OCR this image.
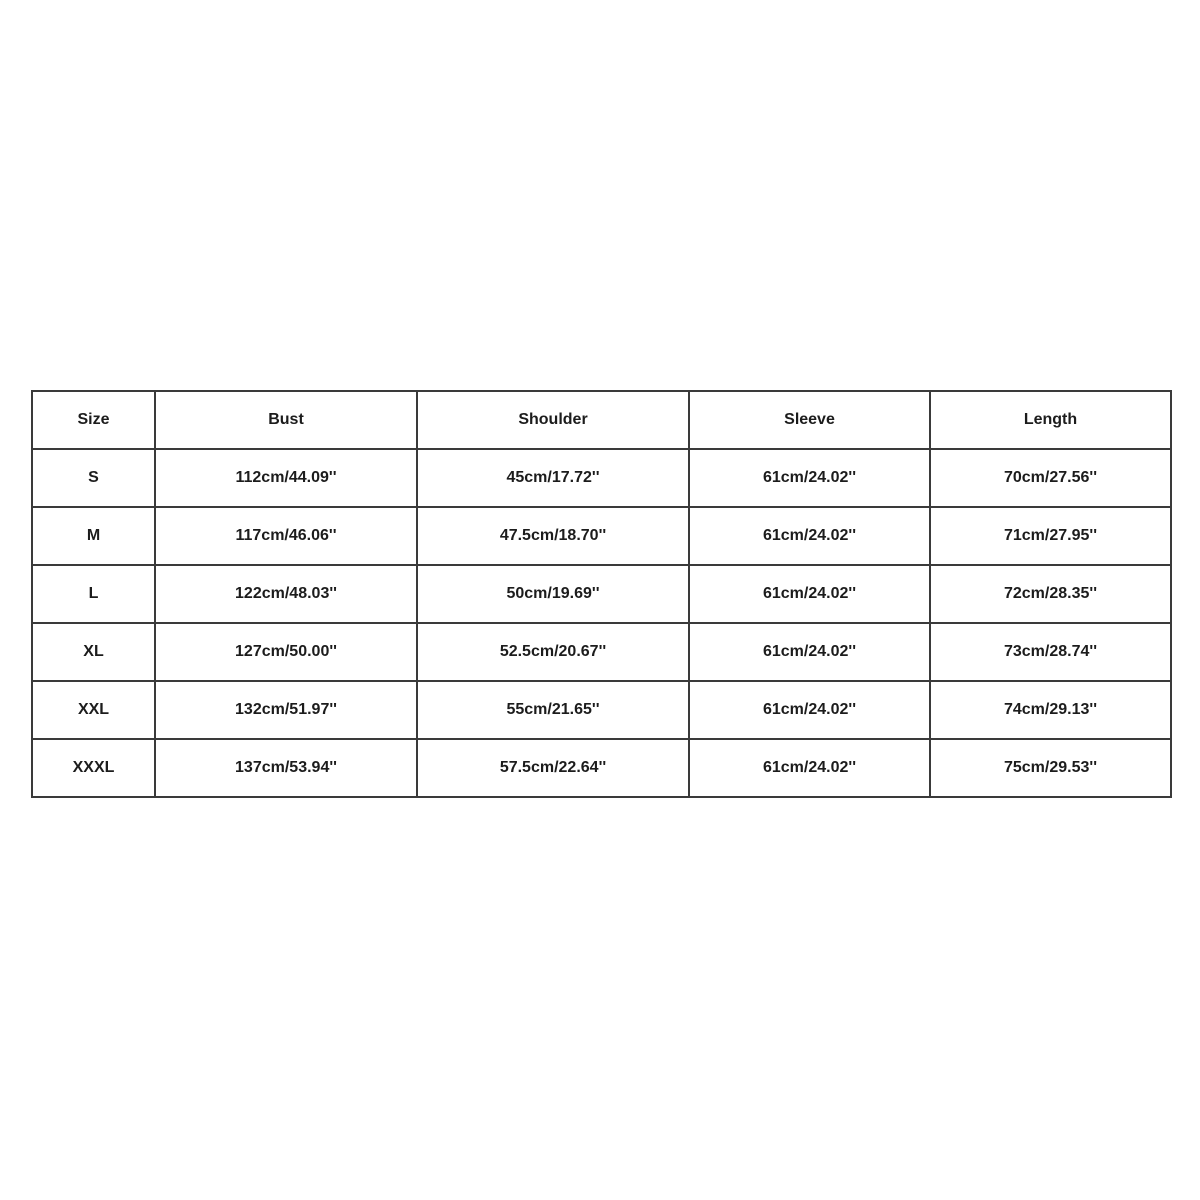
Size	Bust	Shoulder	Sleeve	Length
S	112cm/44.09''	45cm/17.72''	61cm/24.02''	70cm/27.56''
M	117cm/46.06''	47.5cm/18.70''	61cm/24.02''	71cm/27.95''
L	122cm/48.03''	50cm/19.69''	61cm/24.02''	72cm/28.35''
XL	127cm/50.00''	52.5cm/20.67''	61cm/24.02''	73cm/28.74''
XXL	132cm/51.97''	55cm/21.65''	61cm/24.02''	74cm/29.13''
XXXL	137cm/53.94''	57.5cm/22.64''	61cm/24.02''	75cm/29.53''
